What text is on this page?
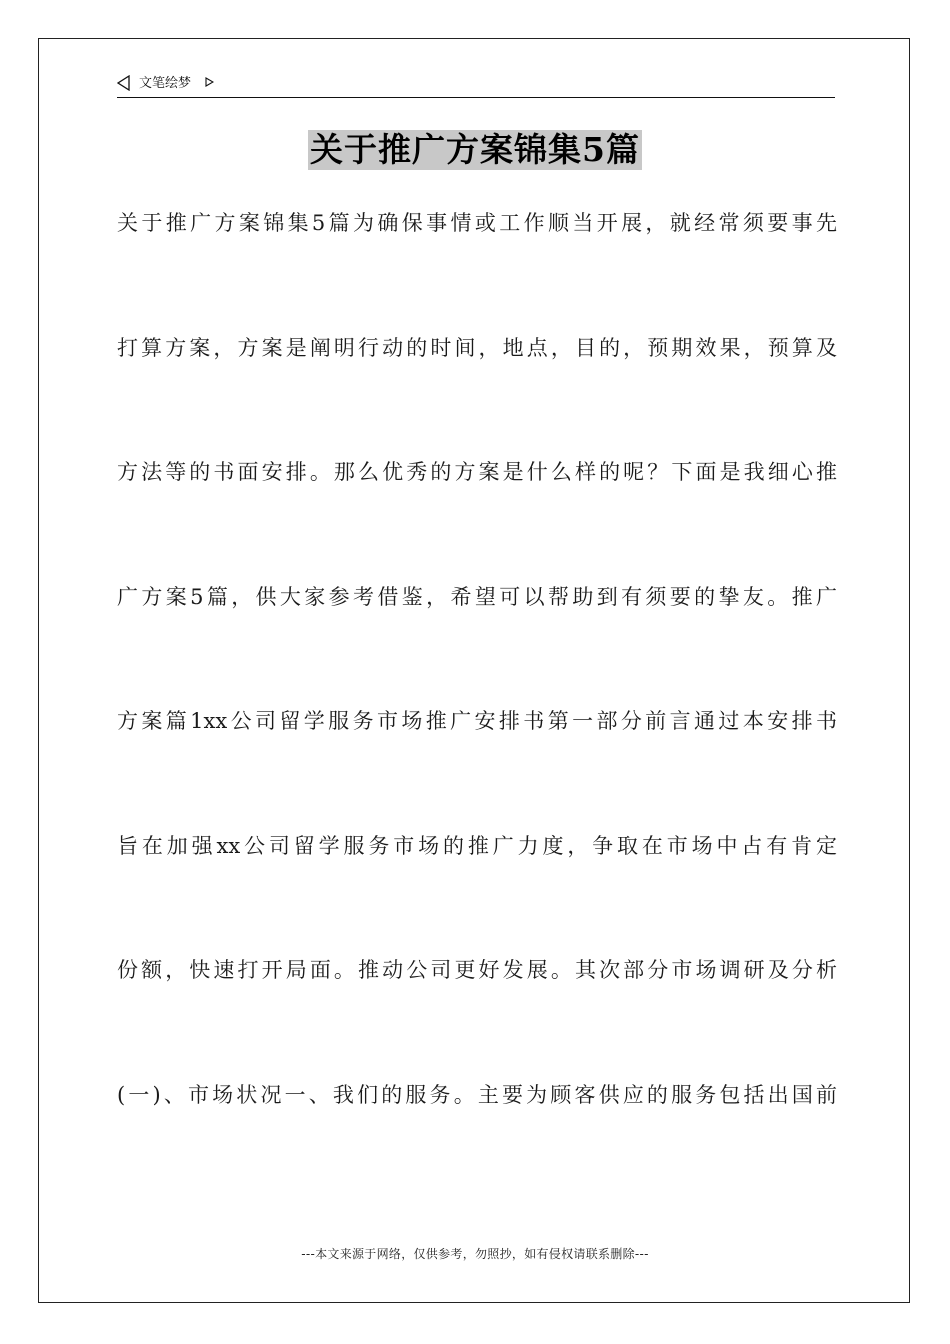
文笔绘梦
关于推广方案锦集5篇
关于推广方案锦集5篇为确保事情或工作顺当开展，就经常须要事先
打算方案，方案是阐明行动的时间，地点，目的，预期效果，预算及
方法等的书面安排。那么优秀的方案是什么样的呢？下面是我细心推
广方案5篇，供大家参考借鉴，希望可以帮助到有须要的挚友。推广
方案篇1xx公司留学服务市场推广安排书第一部分前言通过本安排书
旨在加强xx公司留学服务市场的推广力度，争取在市场中占有肯定
份额，快速打开局面。推动公司更好发展。其次部分市场调研及分析
(一)、市场状况一、我们的服务。主要为顾客供应的服务包括出国前
---本文来源于网络，仅供参考，勿照抄，如有侵权请联系删除---
